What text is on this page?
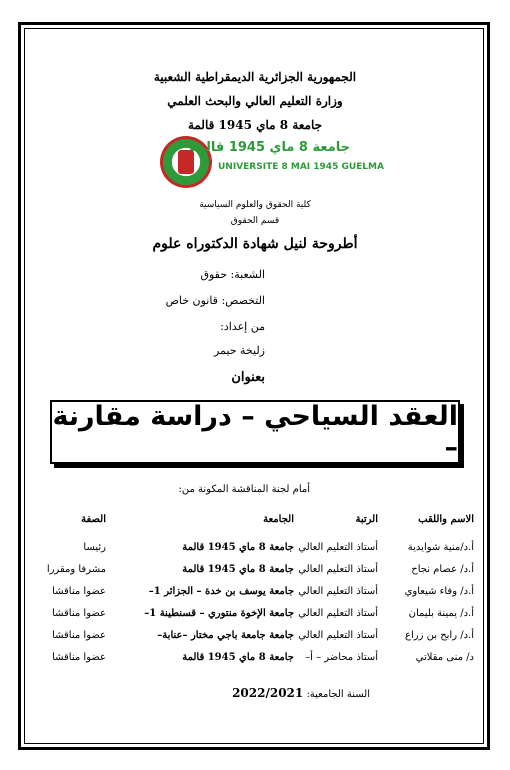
الجمهورية الجزائرية الديمقراطية الشعبية
وزارة التعليم العالي والبحث العلمي
جامعة 8 ماي 1945 قالمة
جامعة 8 ماي 1945 قالمة
UNIVERSITE 8 MAI 1945 GUELMA
كلية الحقوق والعلوم السياسية
قسم الحقوق
أطروحة لنيل شهادة الدكتوراه علوم
الشعبة: حقوق
التخصص: قانون خاص
من إعداد:
زليخة حيمر
بعنوان
العقد السياحي – دراسة مقارنة –
أمام لجنة المناقشة المكونة من:
الاسم واللقب
الرتبة
الجامعة
الصفة
أ.د/منية شوايدية
أستاذ التعليم العالي
جامعة 8 ماي 1945 قالمة
رئيسا
أ.د/ عصام نجاح
أستاذ التعليم العالي
جامعة 8 ماي 1945 قالمة
مشرفا ومقررا
أ.د/ وفاء شيعاوي
أستاذ التعليم العالي
جامعة يوسف بن خدة – الجزائر 1–
عضوا مناقشا
أ.د/ يمينة بليمان
أستاذ التعليم العالي
جامعة الإخوة منتوري – قسنطينة 1–
عضوا مناقشا
أ.د/ رابح بن زراع
أستاذ التعليم العالي
جامعة جامعة باجي مختار –عنابة–
عضوا مناقشا
د/ منى مقلاتي
أستاذ محاضر – أ–
جامعة 8 ماي 1945 قالمة
عضوا مناقشا
السنة الجامعية: 2022/2021
